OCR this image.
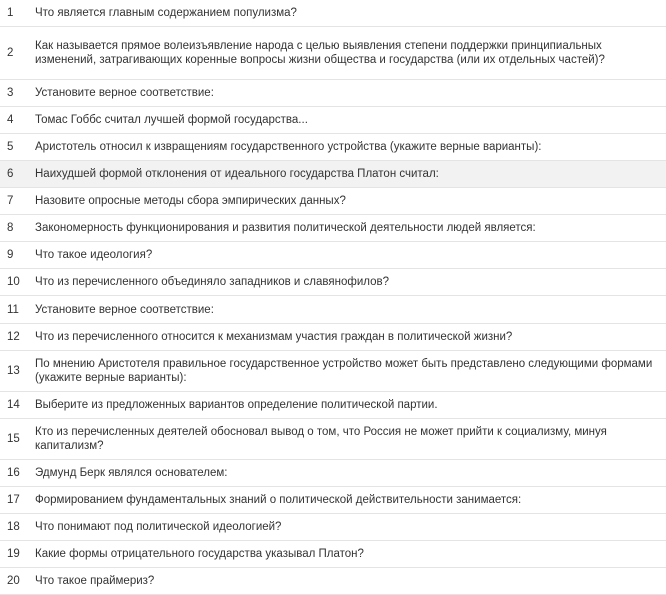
1	Что является главным содержанием популизма?
2	Как называется прямое волеизъявление народа с целью выявления степени поддержки принципиальных изменений, затрагивающих коренные вопросы жизни общества и государства (или их отдельных частей)?
3	Установите верное соответствие:
4	Томас Гоббс считал лучшей формой государства...
5	Аристотель относил к извращениям государственного устройства (укажите верные варианты):
6	Наихудшей формой отклонения от идеального государства Платон считал:
7	Назовите опросные методы сбора эмпирических данных?
8	Закономерность функционирования и развития политической деятельности людей является:
9	Что такое идеология?
10	Что из перечисленного объединяло западников и славянофилов?
11	Установите верное соответствие:
12	Что из перечисленного относится к механизмам участия граждан в политической жизни?
13	По мнению Аристотеля правильное государственное устройство может быть представлено следующими формами (укажите верные варианты):
14	Выберите из предложенных вариантов определение политической партии.
15	Кто из перечисленных деятелей обосновал вывод о том, что Россия не может прийти к социализму, минуя капитализм?
16	Эдмунд Берк являлся основателем:
17	Формированием фундаментальных знаний о политической действительности занимается:
18	Что понимают под политической идеологией?
19	Какие формы отрицательного государства указывал Платон?
20	Что такое праймериз?
